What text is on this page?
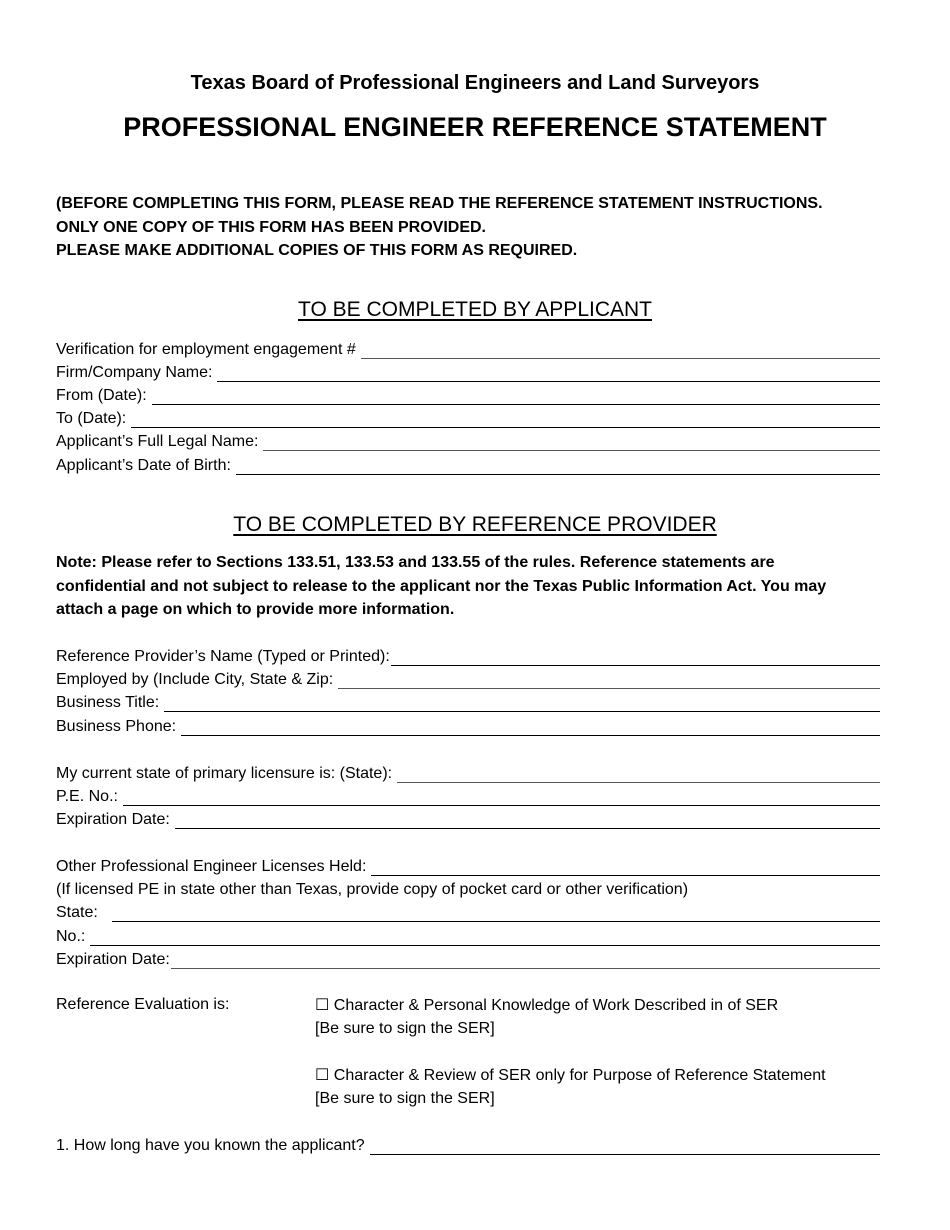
Texas Board of Professional Engineers and Land Surveyors
PROFESSIONAL ENGINEER REFERENCE STATEMENT
(BEFORE COMPLETING THIS FORM, PLEASE READ THE REFERENCE STATEMENT INSTRUCTIONS.
ONLY ONE COPY OF THIS FORM HAS BEEN PROVIDED.
PLEASE MAKE ADDITIONAL COPIES OF THIS FORM AS REQUIRED.
TO BE COMPLETED BY APPLICANT
Verification for employment engagement #
Firm/Company Name:
From (Date):
To (Date):
Applicant’s Full Legal Name:
Applicant’s Date of Birth:
TO BE COMPLETED BY REFERENCE PROVIDER
Note: Please refer to Sections 133.51, 133.53 and 133.55 of the rules. Reference statements are
confidential and not subject to release to the applicant nor the Texas Public Information Act. You may
attach a page on which to provide more information.
Reference Provider’s Name (Typed or Printed):
Employed by (Include City, State & Zip:
Business Title:
Business Phone:
My current state of primary licensure is: (State):
P.E. No.:
Expiration Date:
Other Professional Engineer Licenses Held:
(If licensed PE in state other than Texas, provide copy of pocket card or other verification)
State:
No.:
Expiration Date:
Reference Evaluation is:	☐ Character & Personal Knowledge of Work Described in of SER
[Be sure to sign the SER]
☐ Character & Review of SER only for Purpose of Reference Statement
[Be sure to sign the SER]
1. How long have you known the applicant?
